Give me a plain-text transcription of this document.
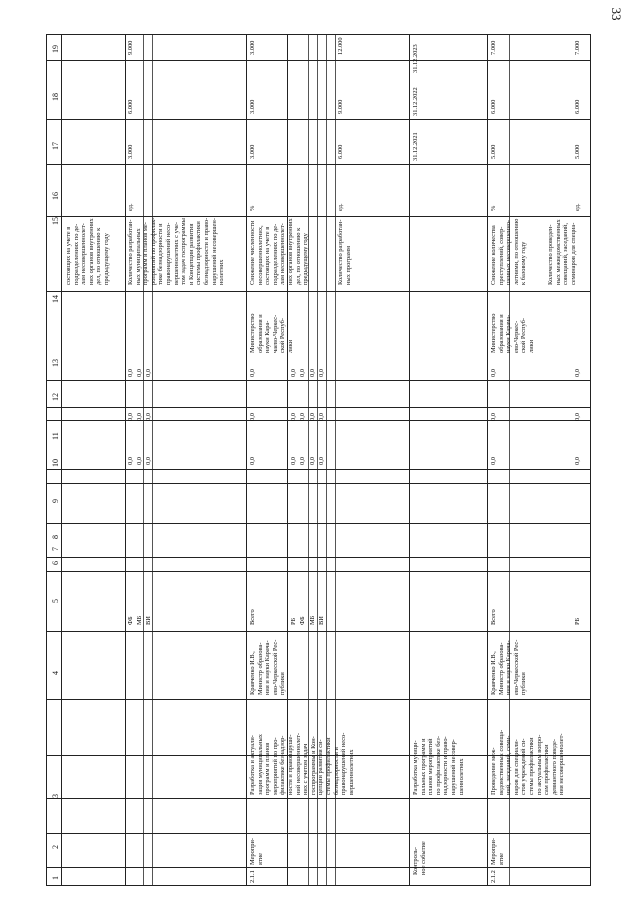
33
1
2
3
4
5
6
7
8
9
10
11
12
13
14
15
16
17
18
19
состоящих на учете в
подразделениях по де-
лам несовершеннолет-
них органов внутренних
дел, по отношению к
предыдущему году
Количество разработан-
ных муниципальных
программ и планов ме-
роприятий по профилак-
тике безнадзорности и
правонарушений несо-
вершеннолетних с уче-
том задач госпрограммы
и Концепции развития
системы профилактики
безнадзорности и право-
нарушений несовершен-
нолетних
ед.
3.000
6.000
9.000
ФБ МБ ВИ
0,0 0,0 0,0
0,0 0,0 0,0
0,0 0,0 0,0
2.1.1
Меропри-
ятие
Разработка и актуали-
зация муниципальных
программ и планов
мероприятий по про-
филактике безнадзор-
ности и правонаруше-
ний несовершеннолет-
них с учетом задач
госпрограммы и Кон-
цепции развития си-
стемы профилактики
безнадзорности и
правонарушений несо-
вершеннолетних
Кравченко И.В.,
Министр образова-
ния и науки Карача-
ево-Черкесской Рес-
публики
Всего	РБ ФБ МБ ВИ
0,0
0,0
0,0
0,0 0,0 0,0 0,0
0,0 0,0 0,0 0,0
0,0 0,0 0,0 0,0
Министерство
образования и
науки Кара-
чаево-Черкес-
ской Респуб-
лики
Снижение численности
несовершеннолетних,
состоящих на учете в
подразделениях по де-
лам несовершеннолет-
них органов внутренних
дел, по отношению к
предыдущему году
%
3.000
3.000
3.000
Количество разработан-
ных программ
ед.
6.000
9.000
12.000
Контроль-
ное событие
Разработка муници-
пальных программ и
планов мероприятий
по профилактике без-
надзорности и право-
нарушений несовер-
шеннолетних
31.12.2021
31.12.2022
31.12.2023
2.1.2
Меропри-
ятие
Проведение меж-
ведомственных совеща-
ний, заседаний, семи-
наров для специали-
стов учреждений си-
стемы профилактики
по актуальным вопро-
сам профилактики
девиантного поведе-
ния несовершеннолет-
Кравченко И.В.,
Министр образова-
ния и науки Карача-
ево-Черкесской Рес-
публики
Всего	РБ
0,0
0,0
0,0
0,0
0,0
0,0
Министерство
образования и
науки Карача-
ево-Черкес-
ской Респуб-
лики
Снижение количества
преступлений, совер-
шенных несовершенно-
летними, по отношению
к базовому году
%
5.000
6.000
7.000
Количество проведен-
ных межведомственных
совещаний, заседаний,
семинаров для специа-
ед.
5.000
6.000
7.000
